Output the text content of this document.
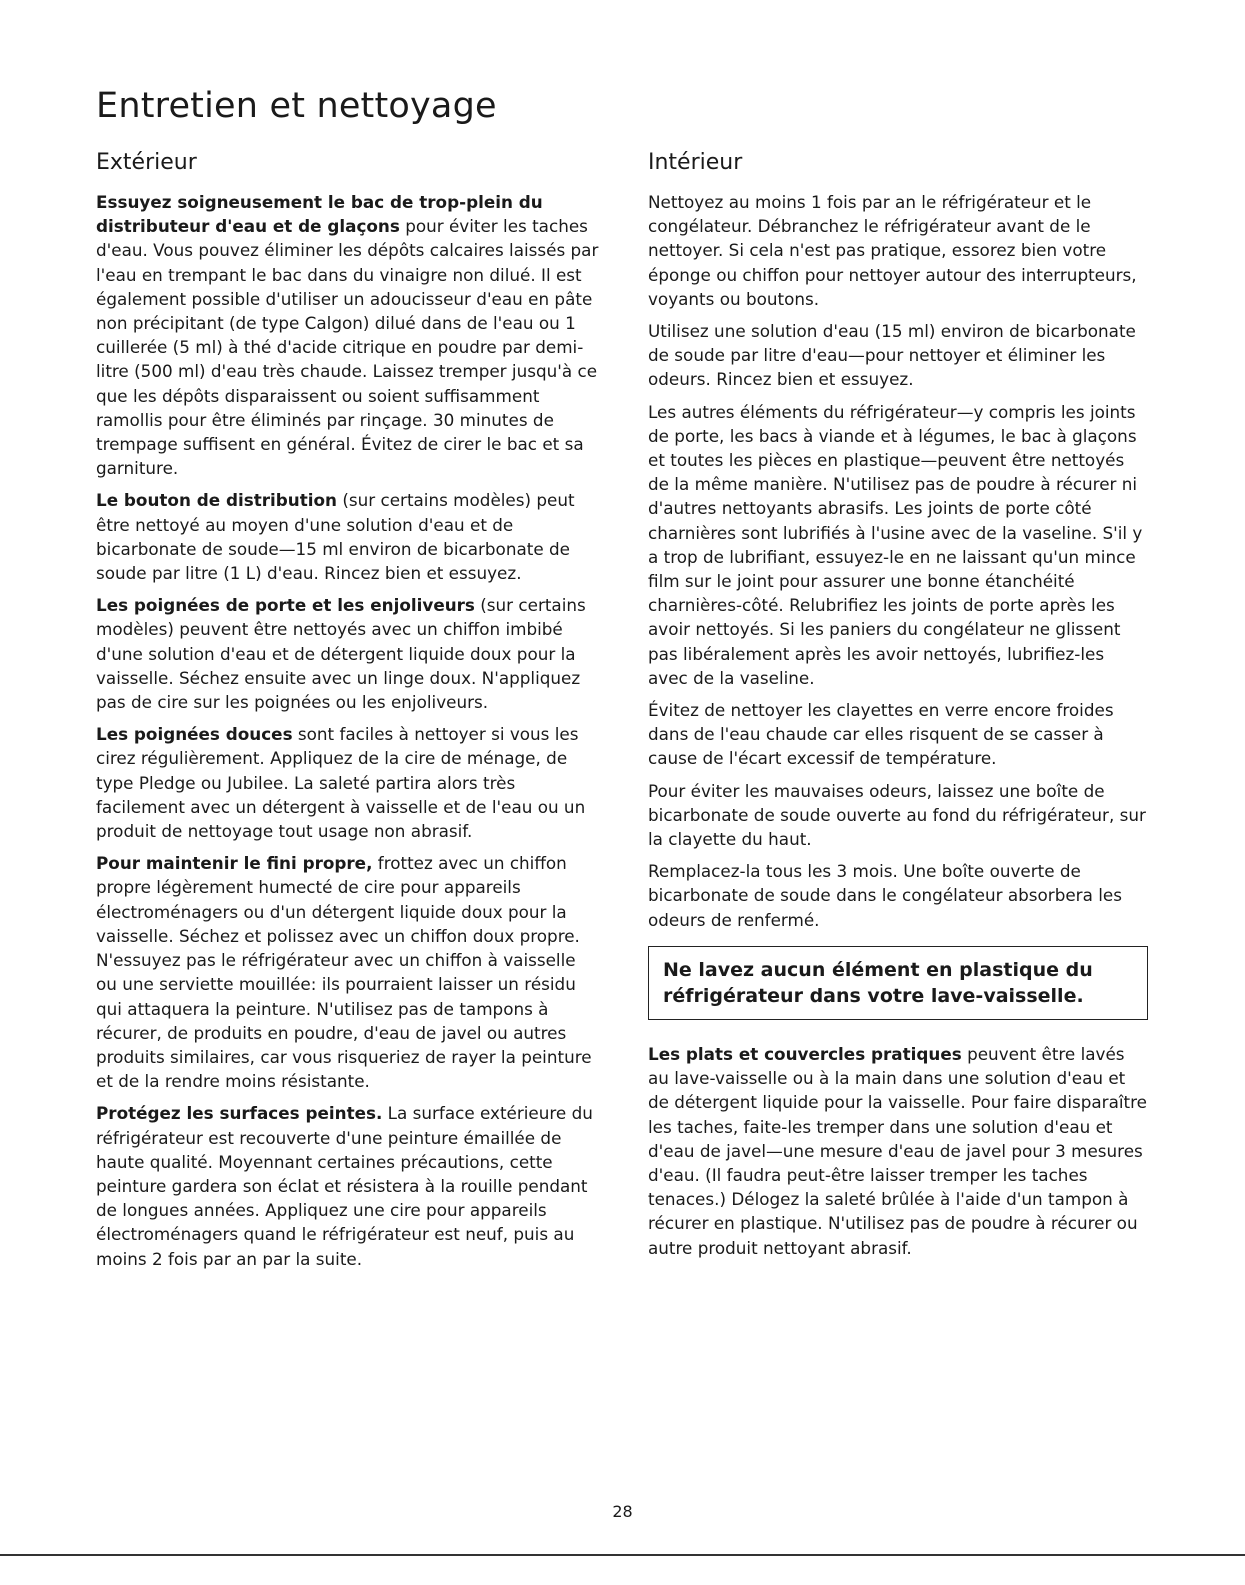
Entretien et nettoyage
Extérieur

Essuyez soigneusement le bac de trop-plein du distributeur d'eau et de glaçons pour éviter les taches d'eau. Vous pouvez éliminer les dépôts calcaires laissés par l'eau en trempant le bac dans du vinaigre non dilué. Il est également possible d'utiliser un adoucisseur d'eau en pâte non précipitant (de type Calgon) dilué dans de l'eau ou 1 cuillerée (5 ml) à thé d'acide citrique en poudre par demi-litre (500 ml) d'eau très chaude. Laissez tremper jusqu'à ce que les dépôts disparaissent ou soient suffisamment ramollis pour être éliminés par rinçage. 30 minutes de trempage suffisent en général. Évitez de cirer le bac et sa garniture.

Le bouton de distribution (sur certains modèles) peut être nettoyé au moyen d'une solution d'eau et de bicarbonate de soude—15 ml environ de bicarbonate de soude par litre (1 L) d'eau. Rincez bien et essuyez.

Les poignées de porte et les enjoliveurs (sur certains modèles) peuvent être nettoyés avec un chiffon imbibé d'une solution d'eau et de détergent liquide doux pour la vaisselle. Séchez ensuite avec un linge doux. N'appliquez pas de cire sur les poignées ou les enjoliveurs.

Les poignées douces sont faciles à nettoyer si vous les cirez régulièrement. Appliquez de la cire de ménage, de type Pledge ou Jubilee. La saleté partira alors très facilement avec un détergent à vaisselle et de l'eau ou un produit de nettoyage tout usage non abrasif.

Pour maintenir le fini propre, frottez avec un chiffon propre légèrement humecté de cire pour appareils électroménagers ou d'un détergent liquide doux pour la vaisselle. Séchez et polissez avec un chiffon doux propre. N'essuyez pas le réfrigérateur avec un chiffon à vaisselle ou une serviette mouillée: ils pourraient laisser un résidu qui attaquera la peinture. N'utilisez pas de tampons à récurer, de produits en poudre, d'eau de javel ou autres produits similaires, car vous risqueriez de rayer la peinture et de la rendre moins résistante.

Protégez les surfaces peintes. La surface extérieure du réfrigérateur est recouverte d'une peinture émaillée de haute qualité. Moyennant certaines précautions, cette peinture gardera son éclat et résistera à la rouille pendant de longues années. Appliquez une cire pour appareils électroménagers quand le réfrigérateur est neuf, puis au moins 2 fois par an par la suite.

Intérieur

Nettoyez au moins 1 fois par an le réfrigérateur et le congélateur. Débranchez le réfrigérateur avant de le nettoyer. Si cela n'est pas pratique, essorez bien votre éponge ou chiffon pour nettoyer autour des interrupteurs, voyants ou boutons.

Utilisez une solution d'eau (15 ml) environ de bicarbonate de soude par litre d'eau—pour nettoyer et éliminer les odeurs. Rincez bien et essuyez.

Les autres éléments du réfrigérateur—y compris les joints de porte, les bacs à viande et à légumes, le bac à glaçons et toutes les pièces en plastique—peuvent être nettoyés de la même manière. N'utilisez pas de poudre à récurer ni d'autres nettoyants abrasifs. Les joints de porte côté charnières sont lubrifiés à l'usine avec de la vaseline. S'il y a trop de lubrifiant, essuyez-le en ne laissant qu'un mince film sur le joint pour assurer une bonne étanchéité charnières-côté. Relubrifiez les joints de porte après les avoir nettoyés. Si les paniers du congélateur ne glissent pas libéralement après les avoir nettoyés, lubrifiez-les avec de la vaseline.

Évitez de nettoyer les clayettes en verre encore froides dans de l'eau chaude car elles risquent de se casser à cause de l'écart excessif de température.

Pour éviter les mauvaises odeurs, laissez une boîte de bicarbonate de soude ouverte au fond du réfrigérateur, sur la clayette du haut.

Remplacez-la tous les 3 mois. Une boîte ouverte de bicarbonate de soude dans le congélateur absorbera les odeurs de renfermé.

Ne lavez aucun élément en plastique du réfrigérateur dans votre lave-vaisselle.

Les plats et couvercles pratiques peuvent être lavés au lave-vaisselle ou à la main dans une solution d'eau et de détergent liquide pour la vaisselle. Pour faire disparaître les taches, faite-les tremper dans une solution d'eau et d'eau de javel—une mesure d'eau de javel pour 3 mesures d'eau. (Il faudra peut-être laisser tremper les taches tenaces.) Délogez la saleté brûlée à l'aide d'un tampon à récurer en plastique. N'utilisez pas de poudre à récurer ou autre produit nettoyant abrasif.

28
